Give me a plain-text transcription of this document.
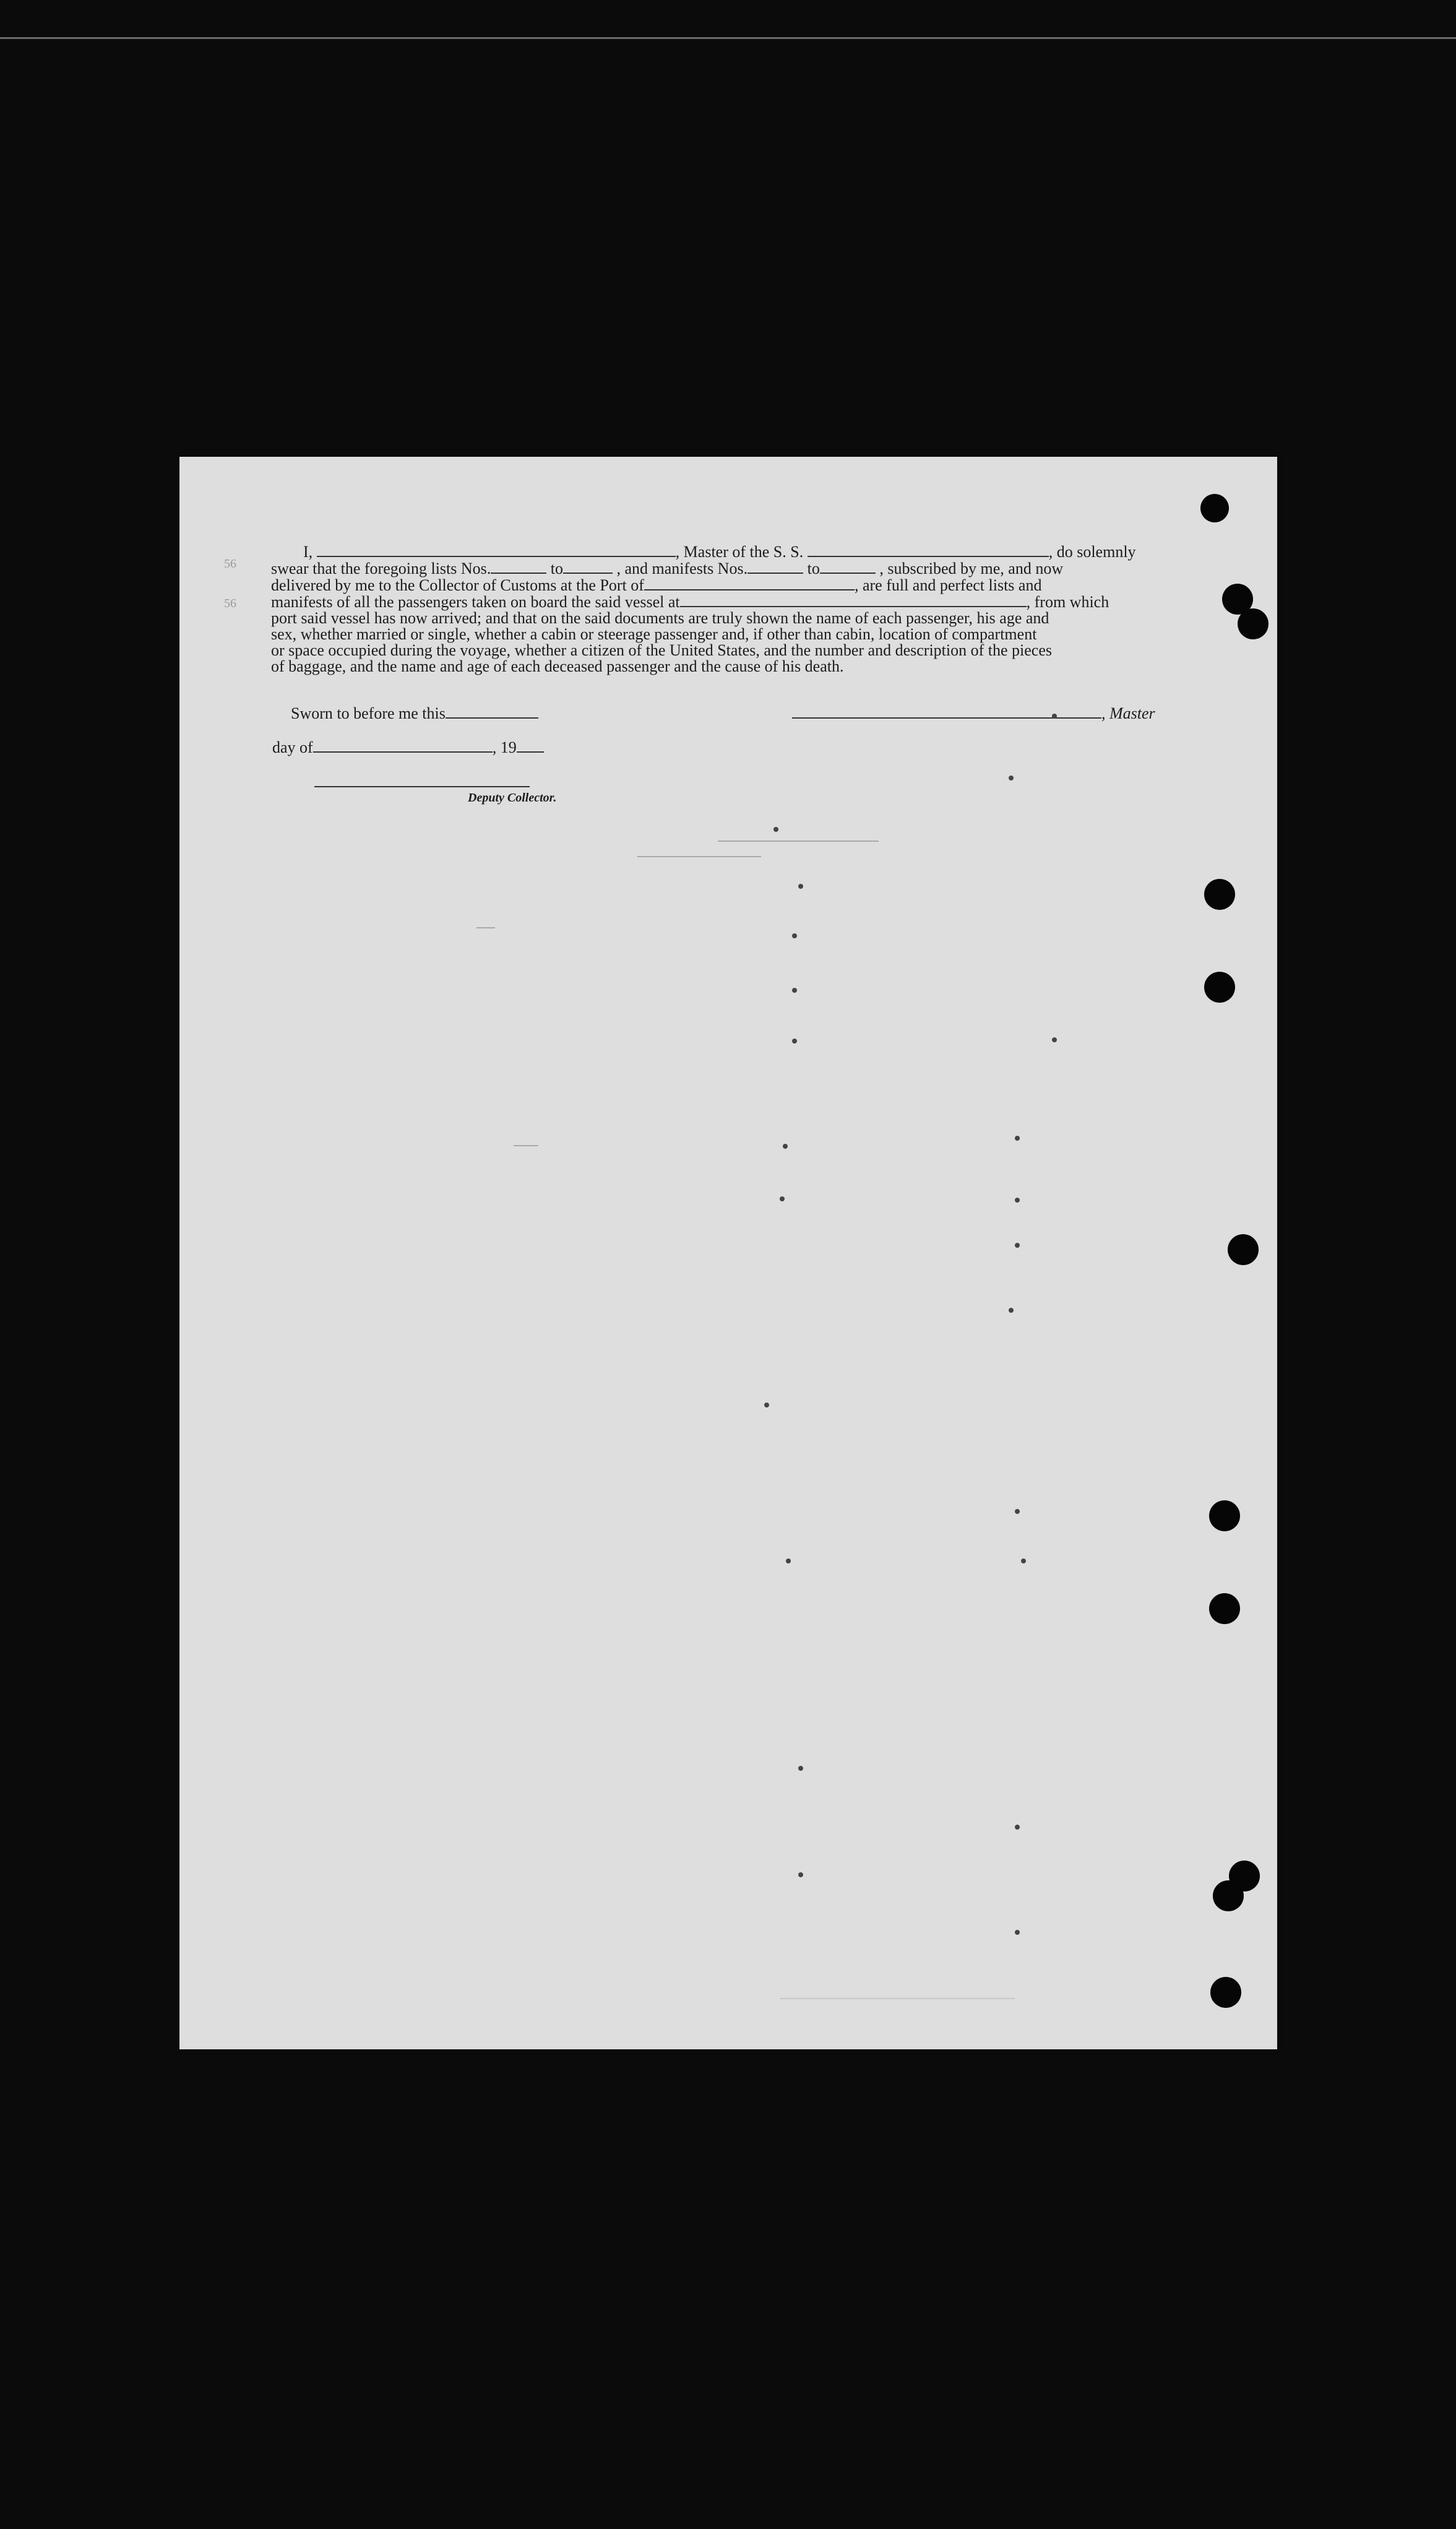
56
56

I,	, Master of the S. S.	, do solemnly

swear that the foregoing lists Nos.	to	, and manifests Nos.	to	, subscribed by me, and now

delivered by me to the Collector of Customs at the Port of	, are full and perfect lists and

manifests of all the passengers taken on board the said vessel at	, from which

port said vessel has now arrived; and that on the said documents are truly shown the name of each passenger, his age and

sex, whether married or single, whether a cabin or steerage passenger and, if other than cabin, location of compartment

or space occupied during the voyage, whether a citizen of the United States, and the number and description of the pieces

of baggage, and the name and age of each deceased passenger and the cause of his death.

Sworn to before me this	, Master
day of	, 19
Deputy Collector.
